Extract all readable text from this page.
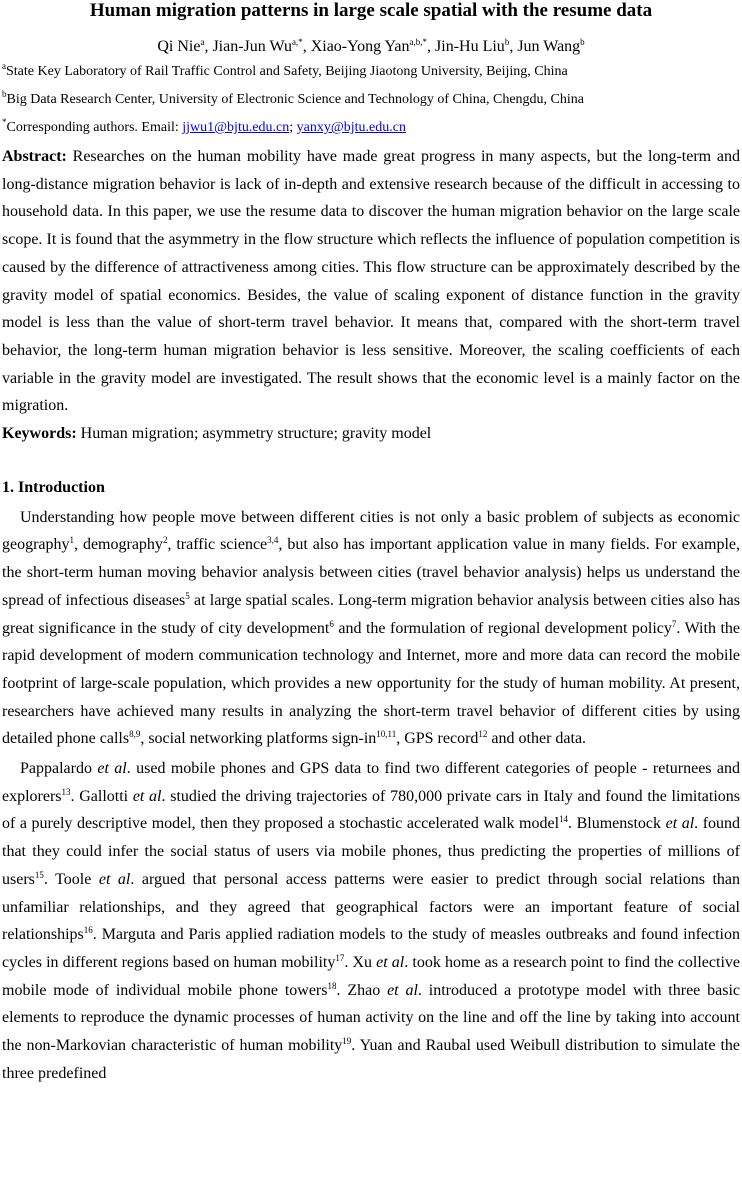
Human migration patterns in large scale spatial with the resume data
Qi Nie$^a$, Jian-Jun $Wu^{a,*}$, Xiao-Yong Yan$^{a,b,*}$, Jin-Hu Liu$^b$, Jun Wang$^b$
$^a$State Key Laboratory of Rail Traffic Control and Safety, Beijing Jiaotong University, Beijing, China
$^b$Big Data Research Center, University of Electronic Science and Technology of China, Chengdu, China
*Corresponding authors. Email: jjwu1@bjtu.edu.cn; yanxy@bjtu.edu.cn

Abstract: Researches on the human mobility have made great progress in many aspects, but the long-term and long-distance migration behavior is lack of in-depth and extensive research because of the difficult in accessing to household data. In this paper, we use the resume data to discover the human migration behavior on the large scale scope. It is found that the asymmetry in the flow structure which reflects the influence of population competition is caused by the difference of attractiveness among cities. This flow structure can be approximately described by the gravity model of spatial economics. Besides, the value of scaling exponent of distance function in the gravity model is less than the value of short-term travel behavior. It means that, compared with the short-term travel behavior, the long-term human migration behavior is less sensitive. Moreover, the scaling coefficients of each variable in the gravity model are investigated. The result shows that the economic level is a mainly factor on the migration.

Keywords: Human migration; asymmetry structure; gravity model

1. Introduction

Understanding how people move between different cities is not only a basic problem of subjects as economic geography$^1$, demography$^2$, traffic science$^{3,4}$, but also has important application value in many fields. For example, the short-term human moving behavior analysis between cities (travel behavior analysis) helps us understand the spread of infectious diseases$^5$ at large spatial scales. Long-term migration behavior analysis between cities also has great significance in the study of city development$^6$ and the formulation of regional development policy$^7$. With the rapid development of modern communication technology and Internet, more and more data can record the mobile footprint of large-scale population, which provides a new opportunity for the study of human mobility. At present, researchers have achieved many results in analyzing the short-term travel behavior of different cities by using detailed phone calls$^{8,9}$, social networking platforms sign-in$^{10,11}$, GPS record$^{12}$ and other data.

Pappalardo et al. used mobile phones and GPS data to find two different categories of people - returnees and explorers$^{13}$. Gallotti et al. studied the driving trajectories of 780,000 private cars in Italy and found the limitations of a purely descriptive model, then they proposed a stochastic accelerated walk model$^{14}$. Blumenstock et al. found that they could infer the social status of users via mobile phones, thus predicting the properties of millions of users$^{15}$. Toole et al. argued that personal access patterns were easier to predict through social relations than unfamiliar relationships, and they agreed that geographical factors were an important feature of social relationships$^{16}$. Marguta and Paris applied radiation models to the study of measles outbreaks and found infection cycles in different regions based on human mobility$^{17}$. Xu et al. took home as a research point to find the collective mobile mode of individual mobile phone towers$^{18}$. Zhao et al. introduced a prototype model with three basic elements to reproduce the dynamic processes of human activity on the line and off the line by taking into account the non-Markovian characteristic of human mobility$^{19}$. Yuan and Raubal used Weibull distribution to simulate the three predefined
